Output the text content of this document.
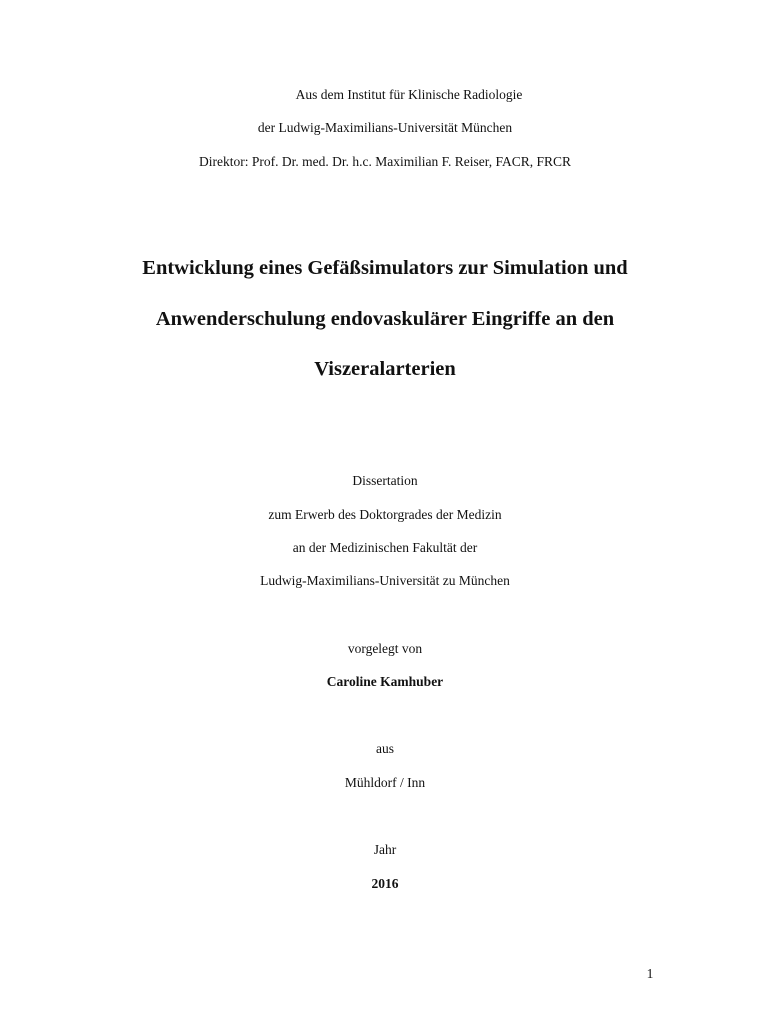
Aus dem Institut für Klinische Radiologie
der Ludwig-Maximilians-Universität München
Direktor: Prof. Dr. med. Dr. h.c. Maximilian F. Reiser, FACR, FRCR
Entwicklung eines Gefäßsimulators zur Simulation und
Anwenderschulung endovaskulärer Eingriffe an den
Viszeralarterien
Dissertation
zum Erwerb des Doktorgrades der Medizin
an der Medizinischen Fakultät der
Ludwig-Maximilians-Universität zu München
vorgelegt von
Caroline Kamhuber
aus
Mühldorf / Inn
Jahr
2016
1
